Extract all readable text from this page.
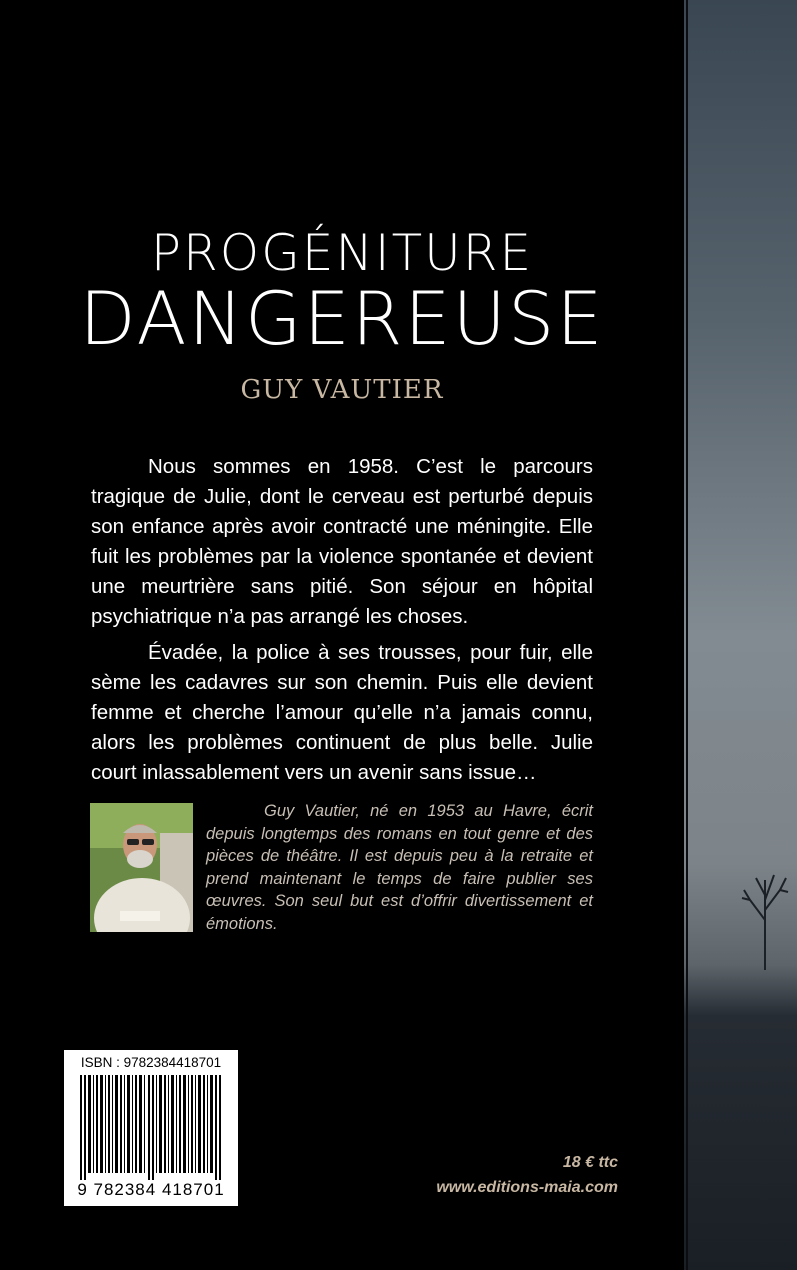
PROGÉNITURE
DANGEREUSE
GUY VAUTIER

Nous sommes en 1958. C’est le parcours tragique de Julie, dont le cerveau est perturbé depuis son enfance après avoir contracté une méningite. Elle fuit les problèmes par la violence spontanée et devient une meurtrière sans pitié. Son séjour en hôpital psychiatrique n’a pas arrangé les choses.

Évadée, la police à ses trousses, pour fuir, elle sème les cadavres sur son chemin. Puis elle devient femme et cherche l’amour qu’elle n’a jamais connu, alors les problèmes continuent de plus belle. Julie court inlassablement vers un avenir sans issue…

Guy Vautier, né en 1953 au Havre, écrit depuis longtemps des romans en tout genre et des pièces de théâtre. Il est depuis peu à la retraite et prend maintenant le temps de faire publier ses œuvres. Son seul but est d’offrir divertissement et émotions.
ISBN : 9782384418701
9 782384 418701
18 € ttc
www.editions-maia.com
